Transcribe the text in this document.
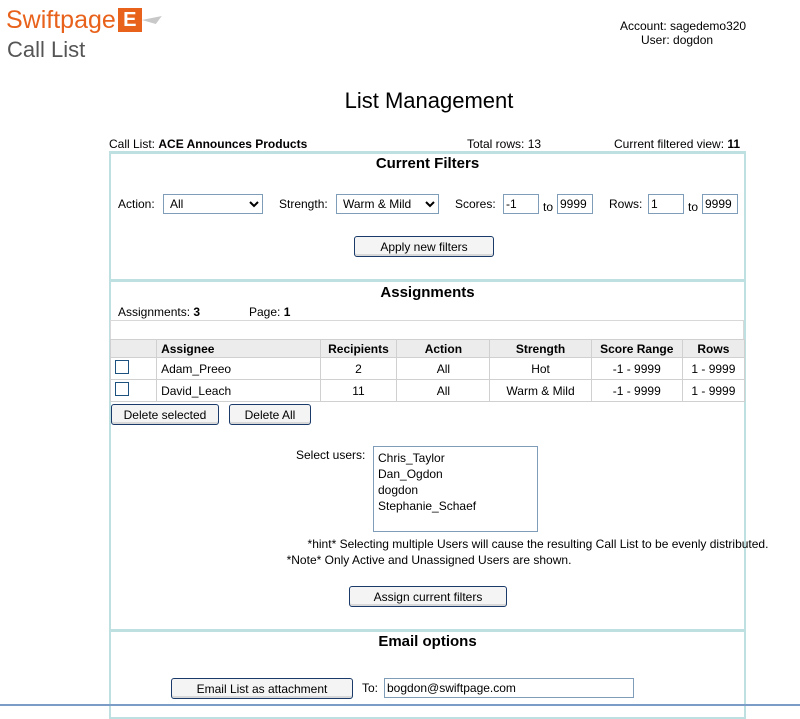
Swiftpage E
Call List
Account: sagedemo320
User: dogdon
List Management
Call List: ACE Announces Products	Total rows: 13	Current filtered view: 11
Current Filters
Action:
All	Strength:
Warm & Mild	Scores:
-1	to
9999	Rows:
1	to
9999
Apply new filters
Assignments
Assignments: 3	Page: 1
	Assignee	Recipients	Action	Strength	Score Range	Rows
	Adam_Preeo	2	All	Hot	-1 - 9999	1 - 9999
	David_Leach	11	All	Warm & Mild	-1 - 9999	1 - 9999
Delete selected	Delete All
Select users: Chris_Taylor
Dan_Ogdon
dogdon
Stephanie_Schaef
*hint* Selecting multiple Users will cause the resulting Call List to be evenly distributed.
*Note* Only Active and Unassigned Users are shown.
Assign current filters
Email options
Email List as attachment	To:
bogdon@swiftpage.com
